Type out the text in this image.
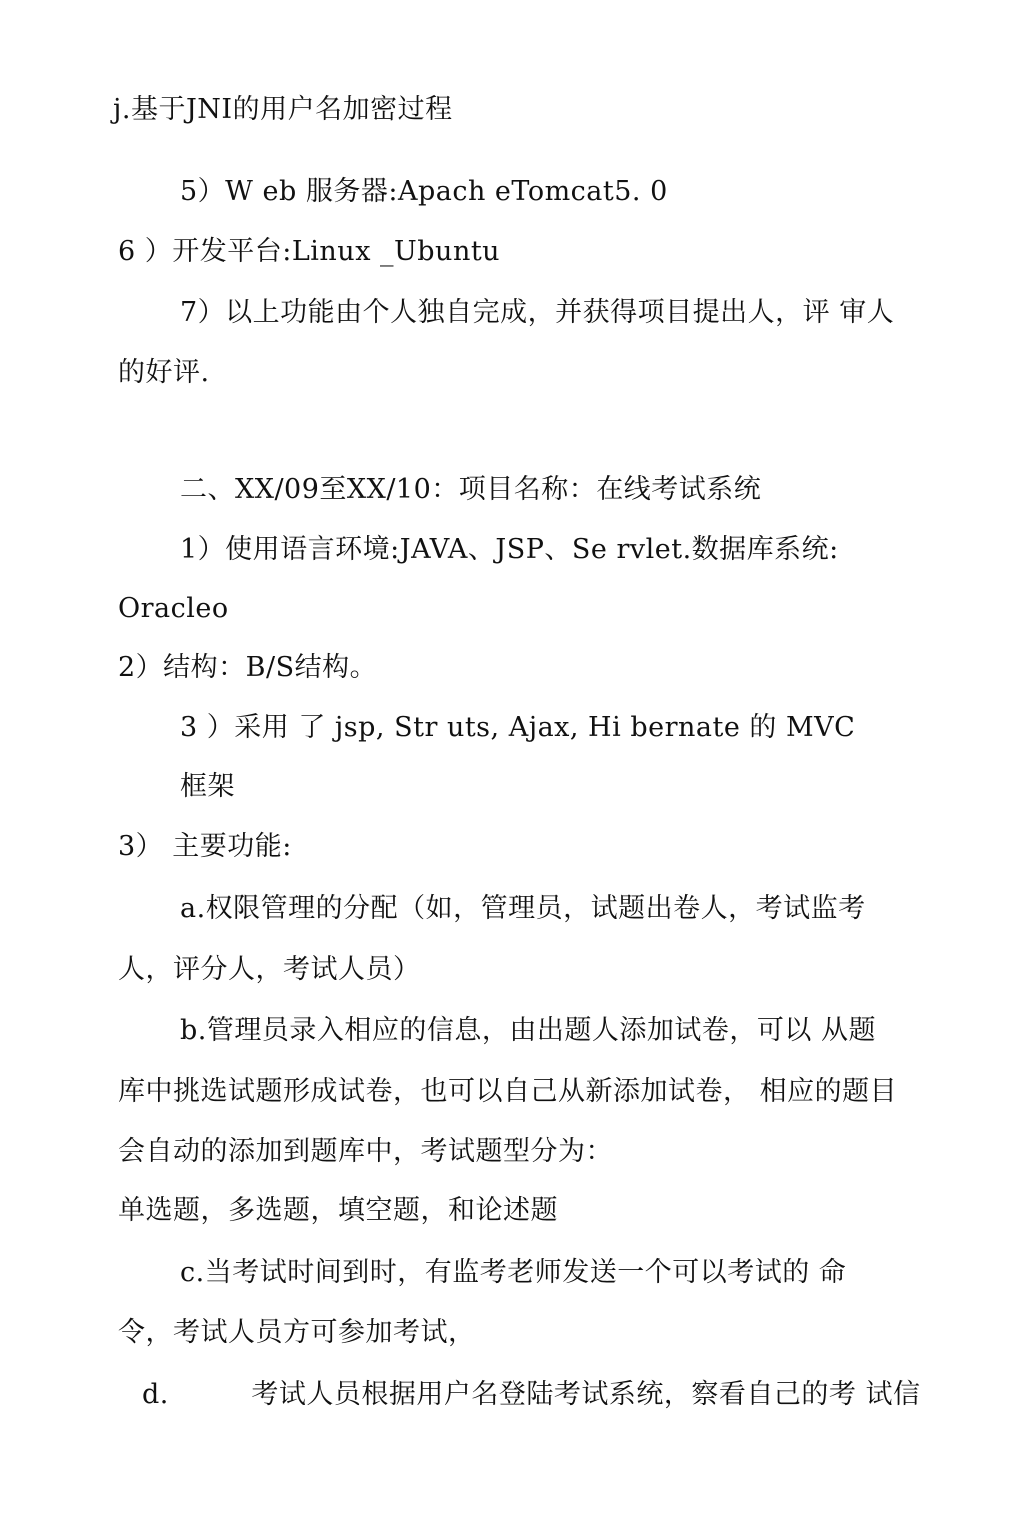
j.基于JNI的用户名加密过程
5）W eb 服务器:Apach eTomcat5. 0
6 ）开发平台:Linux _Ubuntu
7）以上功能由个人独自完成，并获得项目提出人，评 审人
的好评.
二、XX/09至XX/10：项目名称：在线考试系统
1）使用语言环境:JAVA、JSP、Se rvlet.数据库系统:
Oracleo
2）结构：B/S结构。
3 ）采用 了 jsp, Str uts, Ajax, Hi bernate 的 MVC
框架
3） 主要功能:
a.权限管理的分配（如，管理员，试题出卷人，考试监考
人，评分人，考试人员）
b.管理员录入相应的信息，由出题人添加试卷，可以 从题
库中挑选试题形成试卷，也可以自己从新添加试卷， 相应的题目
会自动的添加到题库中，考试题型分为：
单选题，多选题，填空题，和论述题
c.当考试时间到时，有监考老师发送一个可以考试的 命
令，考试人员方可参加考试，
d.　　　考试人员根据用户名登陆考试系统，察看自己的考 试信
